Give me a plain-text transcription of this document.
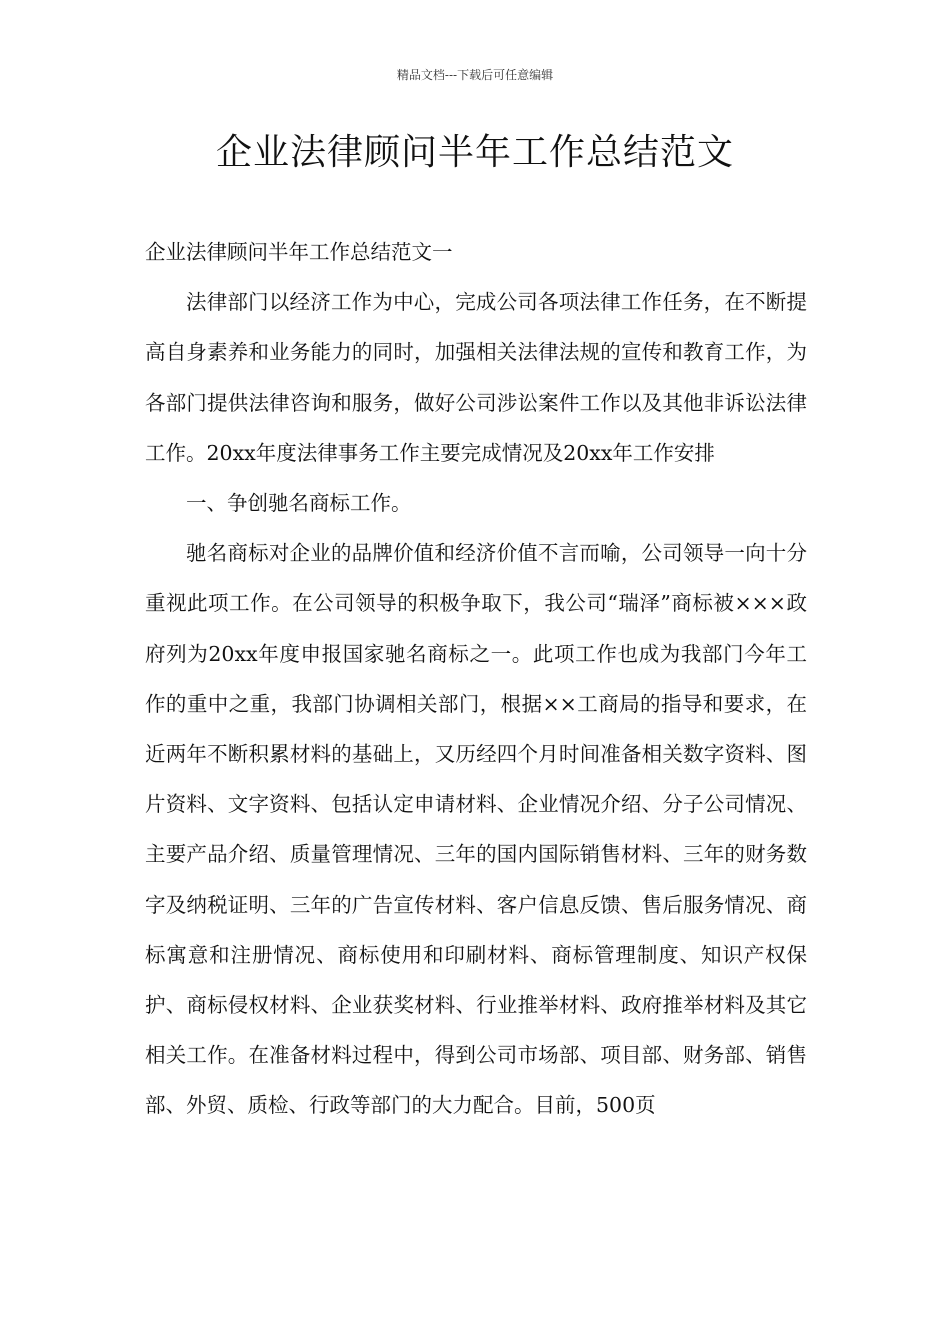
精品文档---下载后可任意编辑
企业法律顾问半年工作总结范文

企业法律顾问半年工作总结范文一

法律部门以经济工作为中心，完成公司各项法律工作任务，在不断提高自身素养和业务能力的同时，加强相关法律法规的宣传和教育工作，为各部门提供法律咨询和服务，做好公司涉讼案件工作以及其他非诉讼法律工作。20xx年度法律事务工作主要完成情况及20xx年工作安排

一、争创驰名商标工作。

驰名商标对企业的品牌价值和经济价值不言而喻，公司领导一向十分重视此项工作。在公司领导的积极争取下，我公司“瑞泽”商标被×××政府列为20xx年度申报国家驰名商标之一。此项工作也成为我部门今年工作的重中之重，我部门协调相关部门，根据××工商局的指导和要求，在近两年不断积累材料的基础上，又历经四个月时间准备相关数字资料、图片资料、文字资料、包括认定申请材料、企业情况介绍、分子公司情况、主要产品介绍、质量管理情况、三年的国内国际销售材料、三年的财务数字及纳税证明、三年的广告宣传材料、客户信息反馈、售后服务情况、商标寓意和注册情况、商标使用和印刷材料、商标管理制度、知识产权保护、商标侵权材料、企业获奖材料、行业推举材料、政府推举材料及其它相关工作。在准备材料过程中，得到公司市场部、项目部、财务部、销售部、外贸、质检、行政等部门的大力配合。目前，500页
